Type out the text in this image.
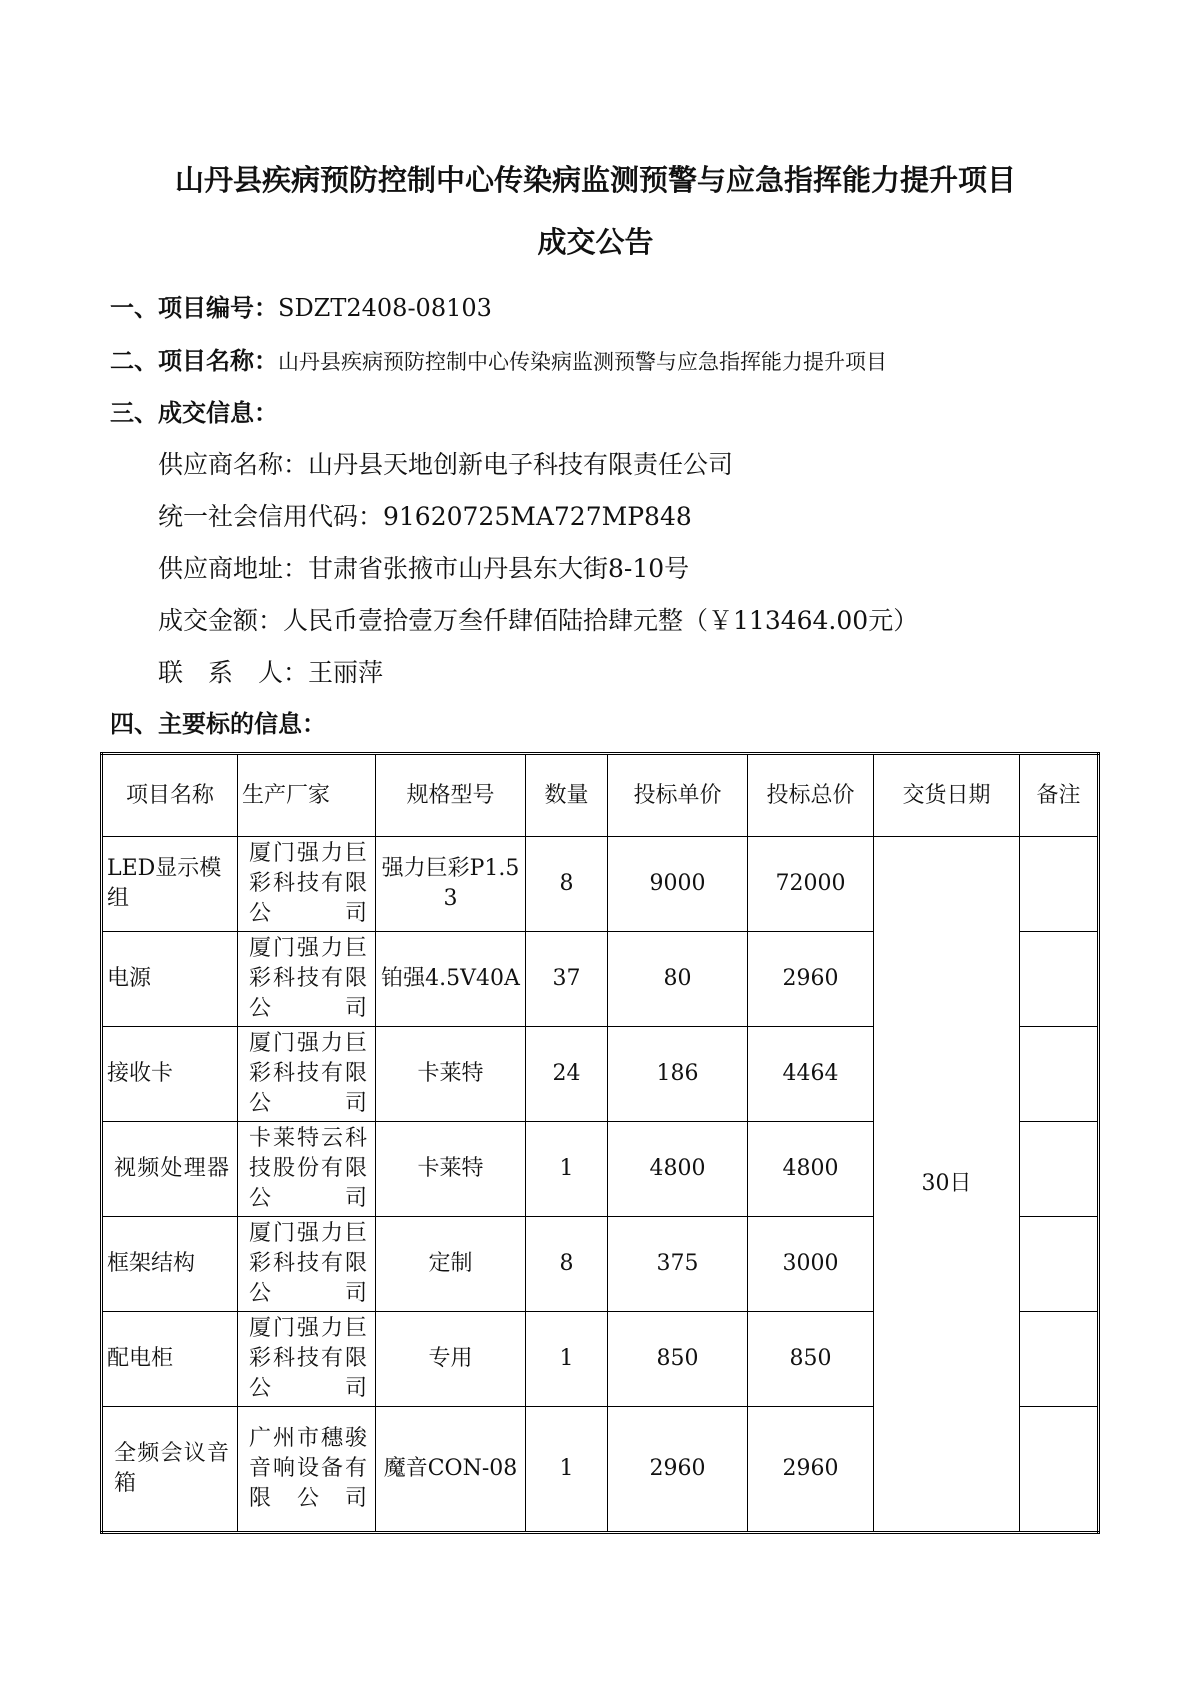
山丹县疾病预防控制中心传染病监测预警与应急指挥能力提升项目
成交公告
一、项目编号：SDZT2408-08103
二、项目名称：山丹县疾病预防控制中心传染病监测预警与应急指挥能力提升项目
三、成交信息：
供应商名称：山丹县天地创新电子科技有限责任公司
统一社会信用代码：91620725MA727MP848
供应商地址：甘肃省张掖市山丹县东大街8-10号
成交金额：人民币壹拾壹万叁仟肆佰陆拾肆元整（￥113464.00元）
联　系　人：王丽萍
四、主要标的信息：
项目名称	生产厂家	规格型号	数量	投标单价	投标总价	交货日期	备注
LED显示模组	厦门强力巨彩科技有限公司	强力巨彩P1.53	8	9000	72000	30日	
电源	厦门强力巨彩科技有限公司	铂强4.5V40A	37	80	2960		
接收卡	厦门强力巨彩科技有限公司	卡莱特	24	186	4464		
视频处理器	卡莱特云科技股份有限公司	卡莱特	1	4800	4800		
框架结构	厦门强力巨彩科技有限公司	定制	8	375	3000		
配电柜	厦门强力巨彩科技有限公司	专用	1	850	850		
全频会议音箱	广州市穗骏音响设备有限公司	魔音CON-08	1	2960	2960		
